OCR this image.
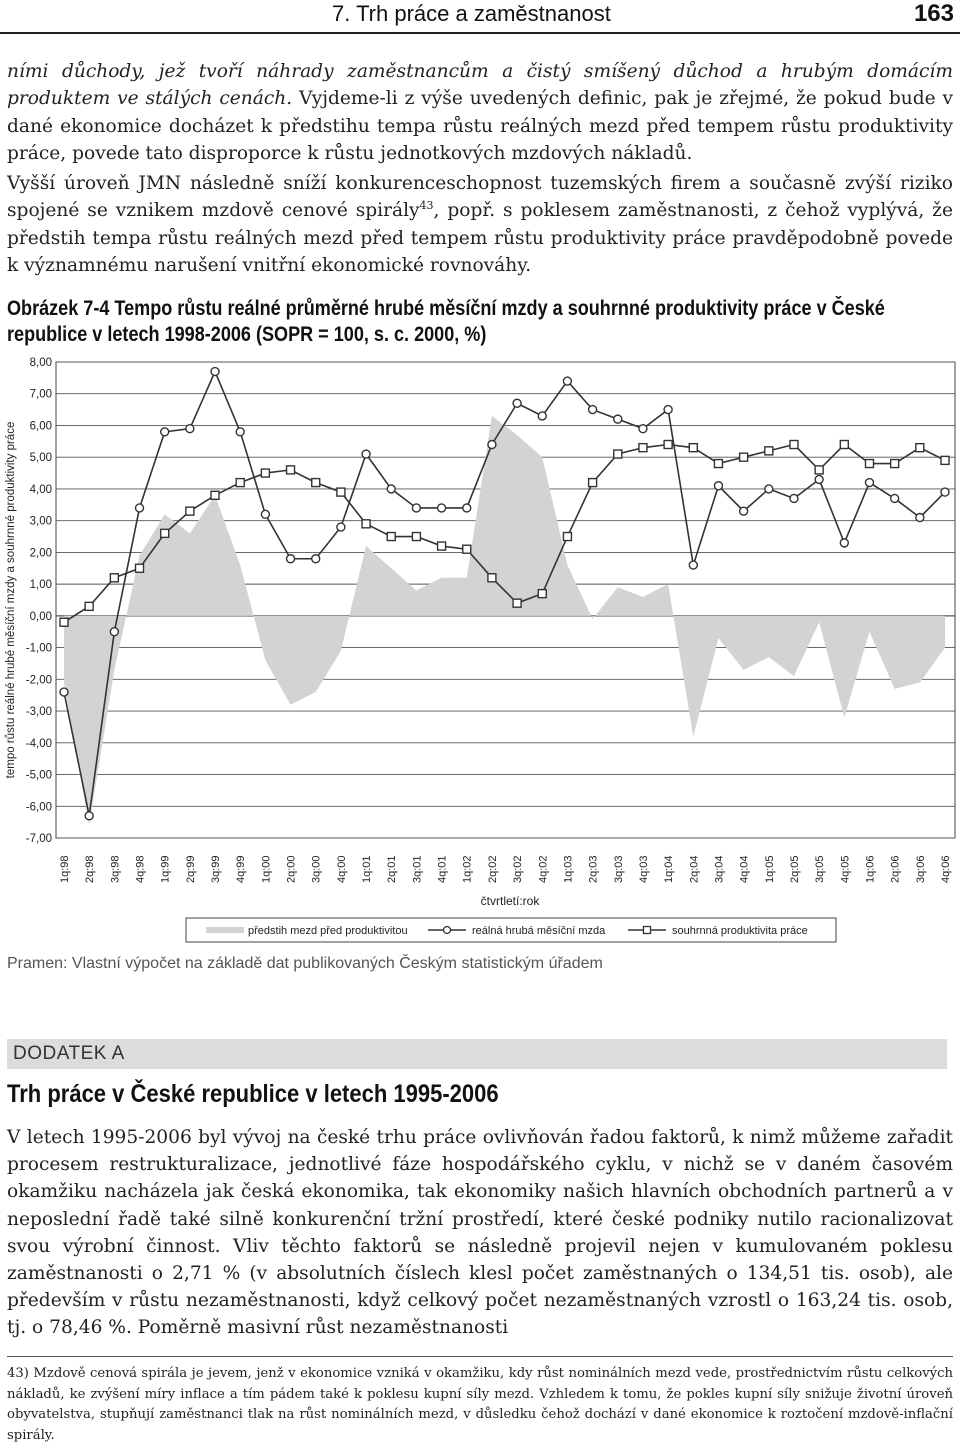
7. Trh práce a zaměstnanost	163

ními důchody, jež tvoří náhrady zaměstnancům a čistý smíšený důchod a hrubým domácím produktem ve stálých cenách. Vyjdeme-li z výše uvedených definic, pak je zřejmé, že pokud bude v dané ekonomice docházet k předstihu tempa růstu reálných mezd před tempem růstu produktivity práce, povede tato disproporce k růstu jednotkových mzdových nákladů.

Vyšší úroveň JMN následně sníží konkurenceschopnost tuzemských firem a současně zvýší riziko spojené se vznikem mzdově cenové spirály$^{43}$, popř. s poklesem zaměstnanosti, z čehož vyplývá, že předstih tempa růstu reálných mezd před tempem růstu produktivity práce pravděpodobně povede k významnému narušení vnitřní ekonomické rovnováhy.

Obrázek 7-4 Tempo růstu reálné průměrné hrubé měsíční mzdy a souhrnné produktivity práce v České republice v letech 1998-2006 (SOPR = 100, s. c. 2000, %)

8,00
7,00
6,00
5,00
4,00
3,00
2,00
1,00
0,00
-1,00
-2,00
-3,00
-4,00
-5,00
-6,00
-7,00
1q:98 2q:98 3q:98 4q:98 1q:99 2q:99 3q:99 4q:99 1q:00 2q:00 3q:00 4q:00 1q:01 2q:01 3q:01 4q:01 1q:02 2q:02 3q:02 4q:02 1q:03 2q:03 3q:03 4q:03 1q:04 2q:04 3q:04 4q:04 1q:05 2q:05 3q:05 4q:05 1q:06 2q:06 3q:06 4q:06
tempo růstu reálné hrubé měsíční mzdy a souhrnné produktivity práce
čtvrtletí:rok
předstih mezd před produktivitou	reálná hrubá měsíční mzda	souhrnná produktivita práce

Pramen: Vlastní výpočet na základě dat publikovaných Českým statistickým úřadem

DODATEK A
Trh práce v České republice v letech 1995-2006

V letech 1995-2006 byl vývoj na české trhu práce ovlivňován řadou faktorů, k nimž můžeme zařadit procesem restrukturalizace, jednotlivé fáze hospodářského cyklu, v nichž se v daném časovém okamžiku nacházela jak česká ekonomika, tak ekonomiky našich hlavních obchodních partnerů a v neposlední řadě také silně konkurenční tržní prostředí, které české podniky nutilo racionalizovat svou výrobní činnost. Vliv těchto faktorů se následně projevil nejen v kumulovaném poklesu zaměstnanosti o 2,71 % (v absolutních číslech klesl počet zaměstnaných o 134,51 tis. osob), ale především v růstu nezaměstnanosti, když celkový počet nezaměstnaných vzrostl o 163,24 tis. osob, tj. o 78,46 %. Poměrně masivní růst nezaměstnanosti

43) Mzdově cenová spirála je jevem, jenž v ekonomice vzniká v okamžiku, kdy růst nominálních mezd vede, prostřednictvím růstu celkových nákladů, ke zvýšení míry inflace a tím pádem také k poklesu kupní síly mezd. Vzhledem k tomu, že pokles kupní síly snižuje životní úroveň obyvatelstva, stupňují zaměstnanci tlak na růst nominálních mezd, v důsledku čehož dochází v dané ekonomice k roztočení mzdově-inflační spirály.
